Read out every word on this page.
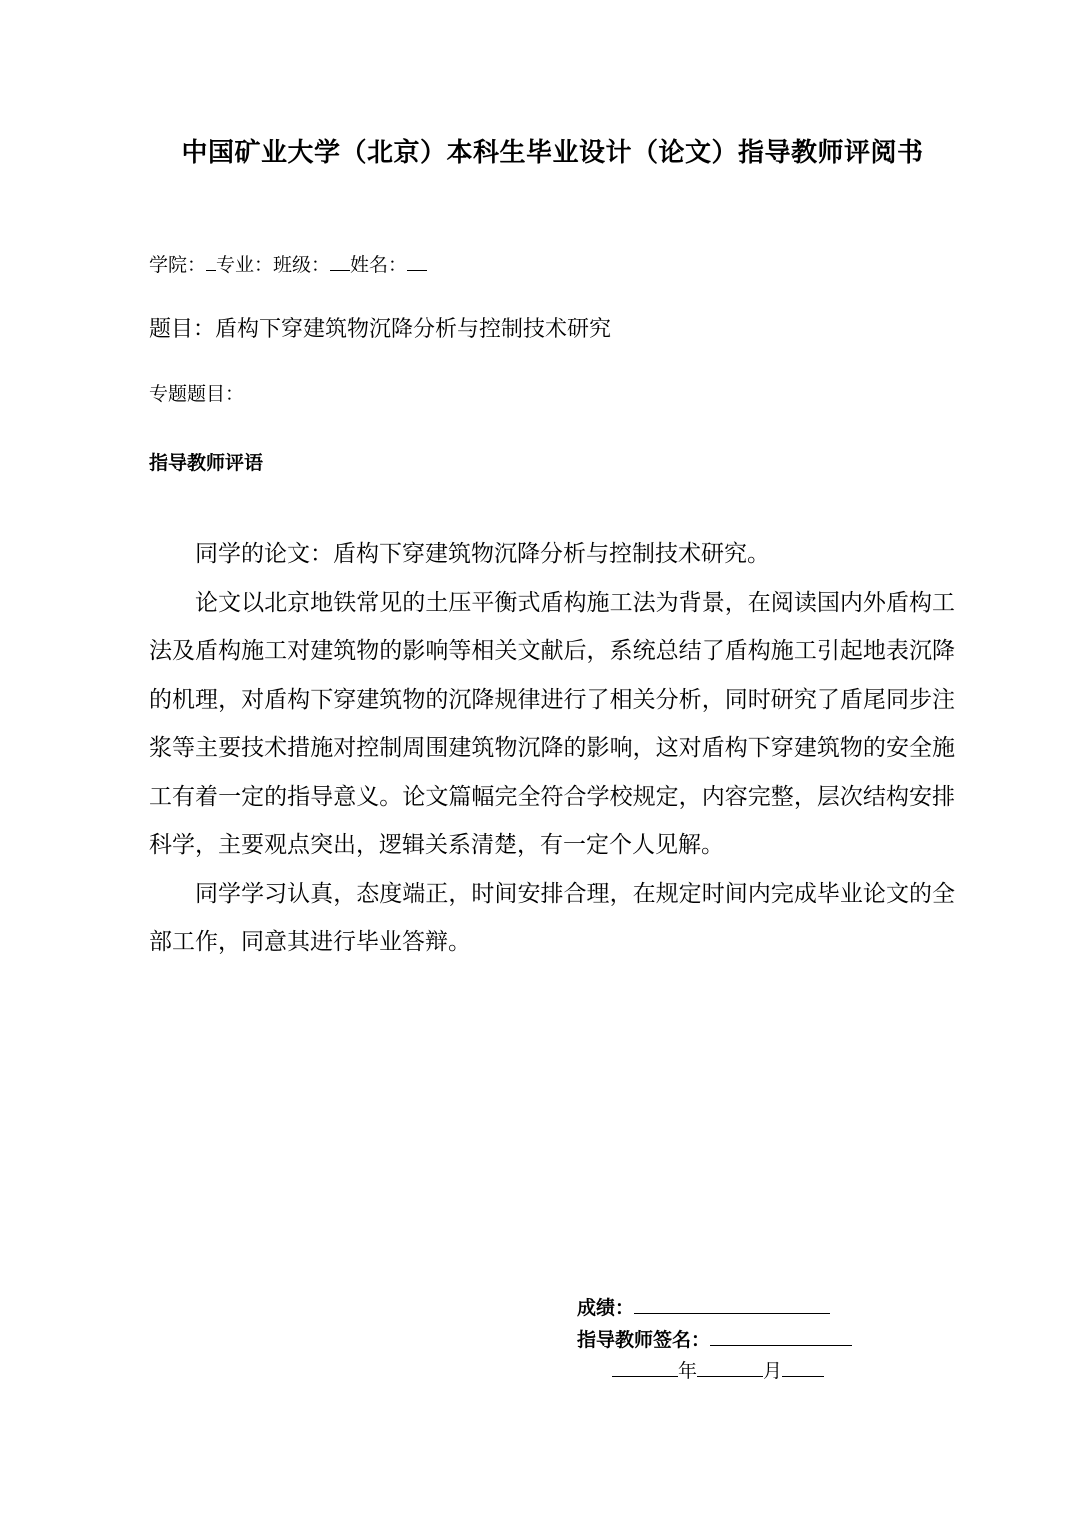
中国矿业大学（北京）本科生毕业设计（论文）指导教师评阅书
学院： 专业：班级： 姓名：
题目：盾构下穿建筑物沉降分析与控制技术研究
专题题目：
指导教师评语

同学的论文：盾构下穿建筑物沉降分析与控制技术研究。

论文以北京地铁常见的土压平衡式盾构施工法为背景，在阅读国内外盾构工法及盾构施工对建筑物的影响等相关文献后，系统总结了盾构施工引起地表沉降的机理，对盾构下穿建筑物的沉降规律进行了相关分析，同时研究了盾尾同步注浆等主要技术措施对控制周围建筑物沉降的影响，这对盾构下穿建筑物的安全施工有着一定的指导意义。论文篇幅完全符合学校规定，内容完整，层次结构安排科学，主要观点突出，逻辑关系清楚，有一定个人见解。

同学学习认真，态度端正，时间安排合理，在规定时间内完成毕业论文的全部工作，同意其进行毕业答辩。

成绩：
指导教师签名：
年	月
